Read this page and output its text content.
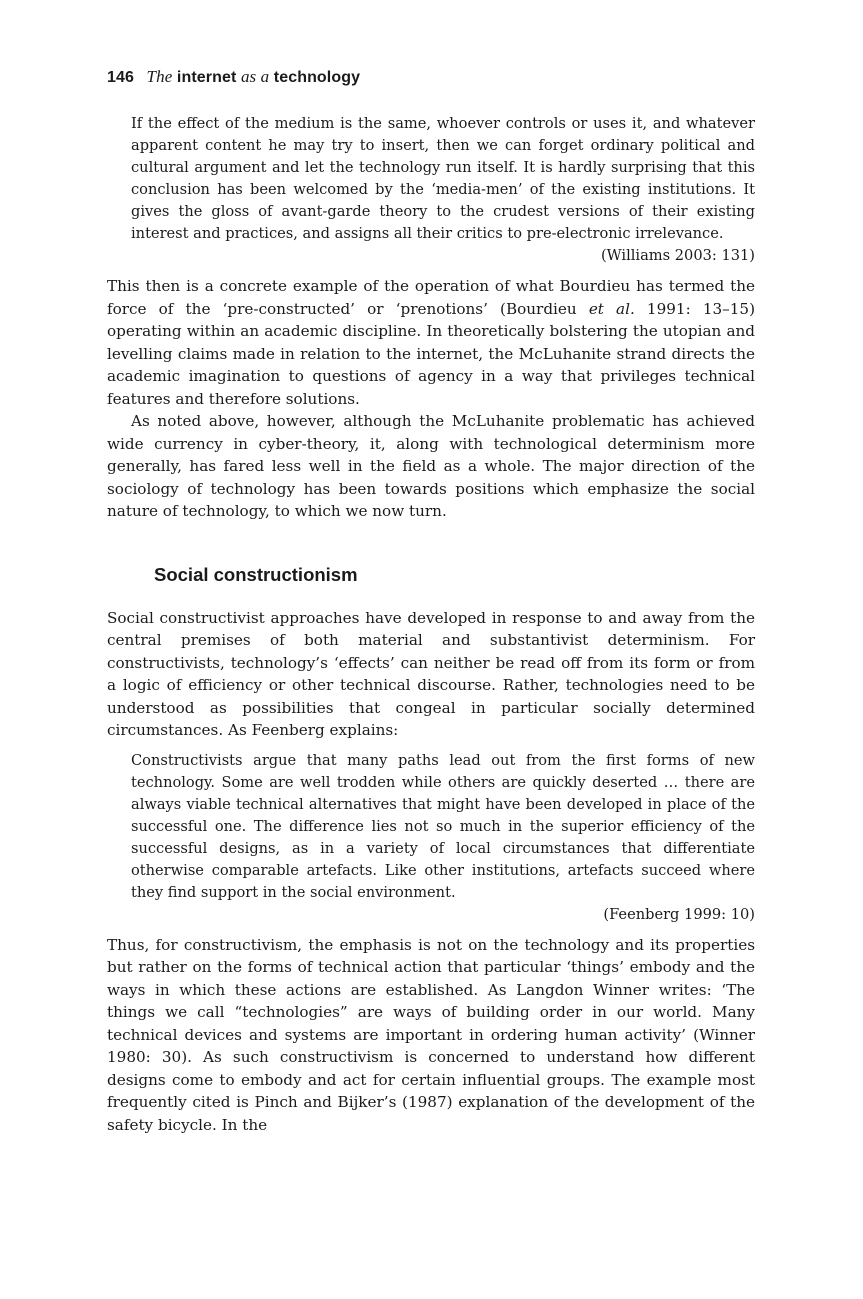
146 The internet as a technology

If the effect of the medium is the same, whoever controls or uses it, and whatever apparent content he may try to insert, then we can forget ordinary political and cultural argument and let the technology run itself. It is hardly surprising that this conclusion has been welcomed by the ‘media-men’ of the existing institutions. It gives the gloss of avant-garde theory to the crudest versions of their existing interest and practices, and assigns all their critics to pre-electronic irrelevance.

(Williams 2003: 131)

This then is a concrete example of the operation of what Bourdieu has termed the force of the ‘pre-constructed’ or ‘prenotions’ (Bourdieu et al. 1991: 13–15) operating within an academic discipline. In theoretically bolstering the utopian and levelling claims made in relation to the internet, the McLuhanite strand directs the academic imagination to questions of agency in a way that privileges technical features and therefore solutions.

As noted above, however, although the McLuhanite problematic has achieved wide currency in cyber-theory, it, along with technological determinism more generally, has fared less well in the field as a whole. The major direction of the sociology of technology has been towards positions which emphasize the social nature of technology, to which we now turn.

Social constructionism

Social constructivist approaches have developed in response to and away from the central premises of both material and substantivist determinism. For constructivists, technology’s ‘effects’ can neither be read off from its form or from a logic of efficiency or other technical discourse. Rather, technologies need to be understood as possibilities that congeal in particular socially determined circumstances. As Feenberg explains:

Constructivists argue that many paths lead out from the first forms of new technology. Some are well trodden while others are quickly deserted … there are always viable technical alternatives that might have been developed in place of the successful one. The difference lies not so much in the superior efficiency of the successful designs, as in a variety of local circumstances that differentiate otherwise comparable artefacts. Like other institutions, artefacts succeed where they find support in the social environment.

(Feenberg 1999: 10)

Thus, for constructivism, the emphasis is not on the technology and its properties but rather on the forms of technical action that particular ‘things’ embody and the ways in which these actions are established. As Langdon Winner writes: ‘The things we call “technologies” are ways of building order in our world. Many technical devices and systems are important in ordering human activity’ (Winner 1980: 30). As such constructivism is concerned to understand how different designs come to embody and act for certain influential groups. The example most frequently cited is Pinch and Bijker’s (1987) explanation of the development of the safety bicycle. In the
